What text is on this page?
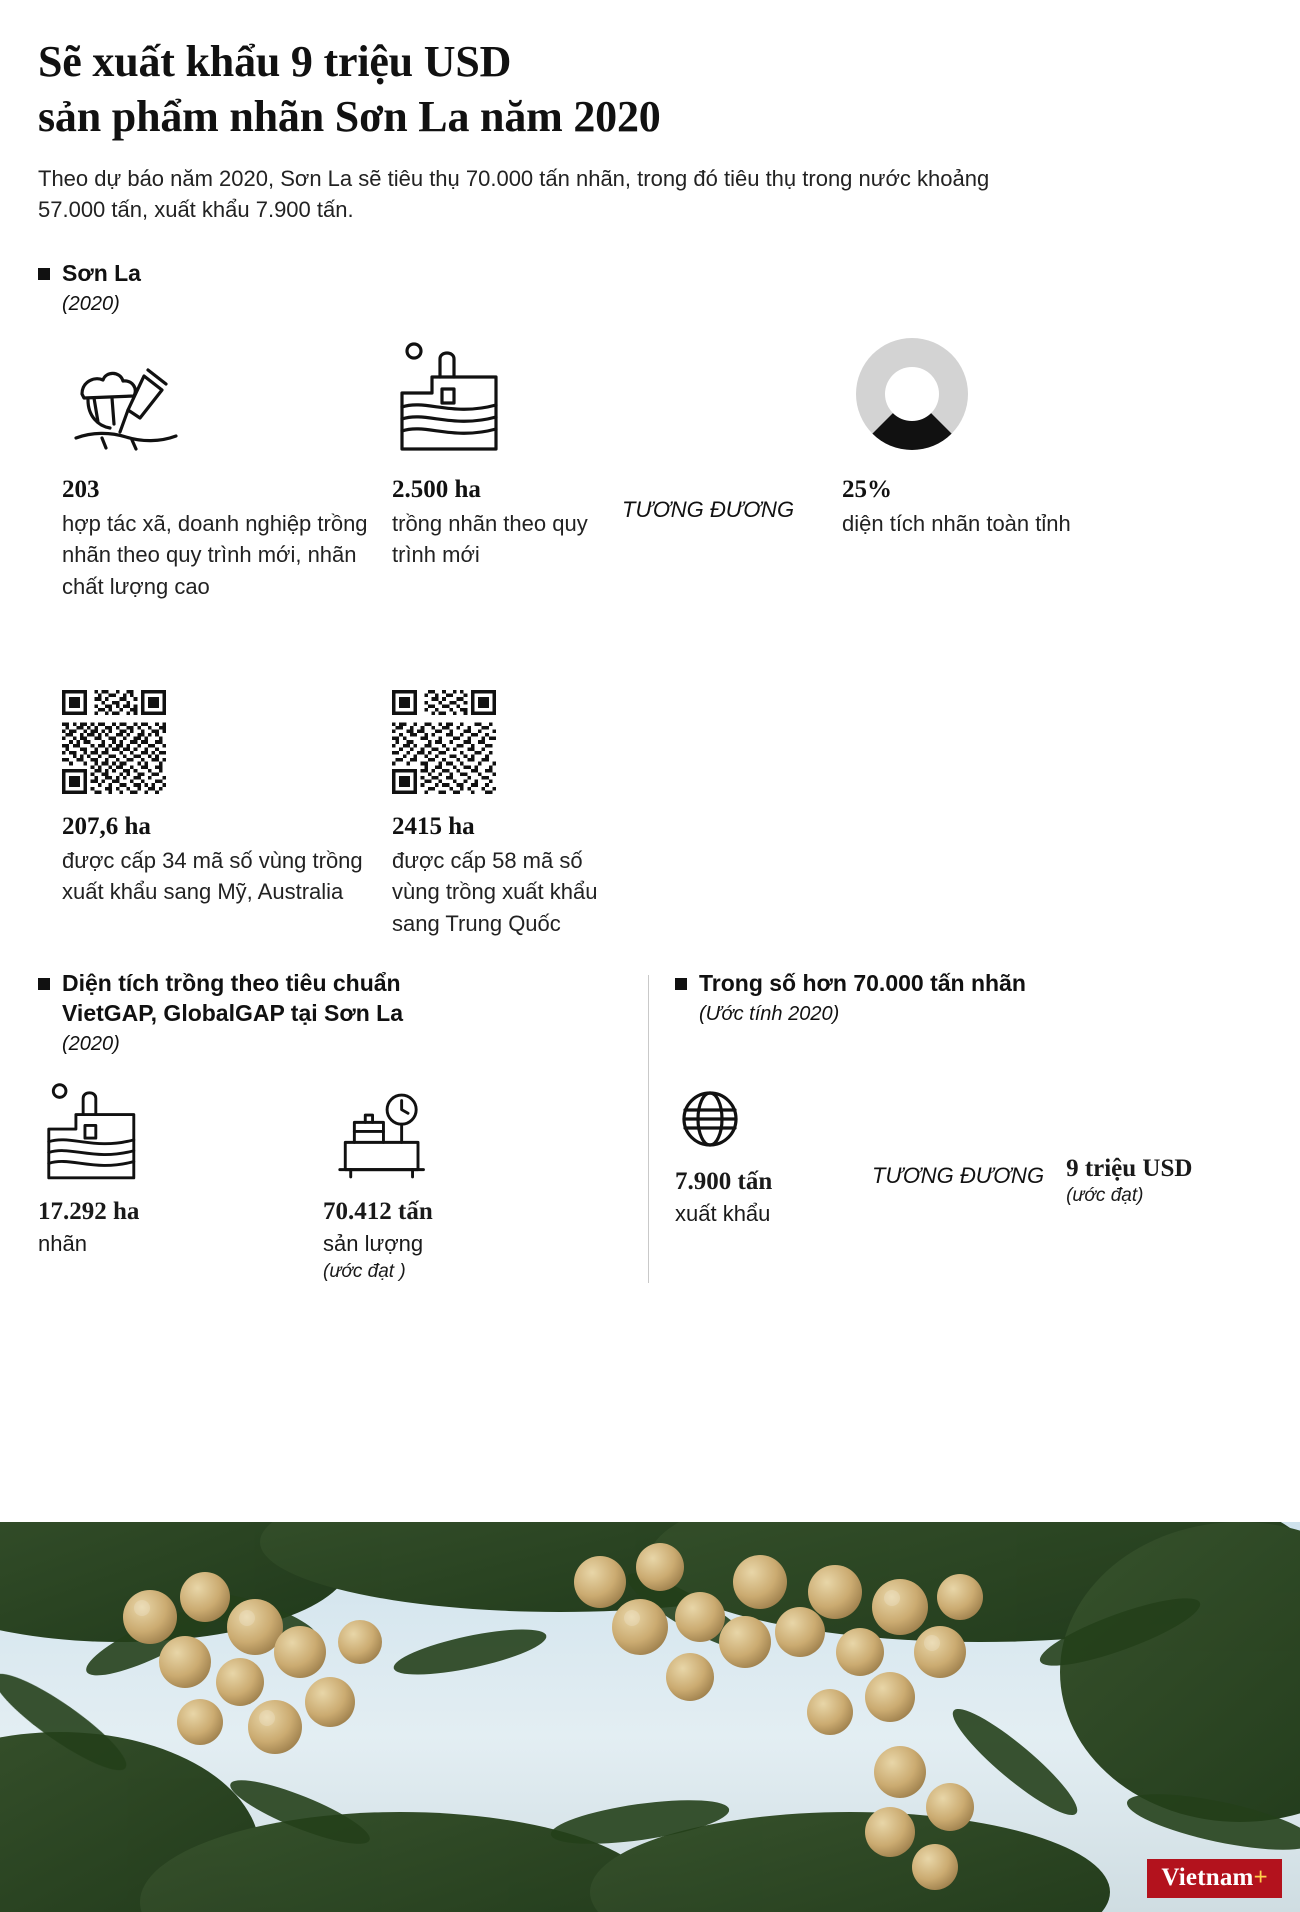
Sẽ xuất khẩu 9 triệu USD
sản phẩm nhãn Sơn La năm 2020

Theo dự báo năm 2020, Sơn La sẽ tiêu thụ 70.000 tấn nhãn, trong đó tiêu thụ trong nước khoảng 57.000 tấn, xuất khẩu 7.900 tấn.

Sơn La
(2020)
203
hợp tác xã, doanh nghiệp trồng nhãn theo quy trình mới, nhãn chất lượng cao
2.500 ha
trồng nhãn theo quy trình mới
TƯƠNG ĐƯƠNG
25%
diện tích nhãn toàn tỉnh
207,6 ha
được cấp 34 mã số vùng trồng xuất khẩu sang Mỹ, Australia
2415 ha
được cấp 58 mã số vùng trồng xuất khẩu sang Trung Quốc
Diện tích trồng theo tiêu chuẩn
VietGAP, GlobalGAP tại Sơn La
(2020)
17.292 ha
nhãn
70.412 tấn
sản lượng
(ước đạt )
Trong số hơn 70.000 tấn nhãn
(Ước tính 2020)
7.900 tấn
xuất khẩu
TƯƠNG ĐƯƠNG 9 triệu USD
(ước đạt)
Vietnam+
